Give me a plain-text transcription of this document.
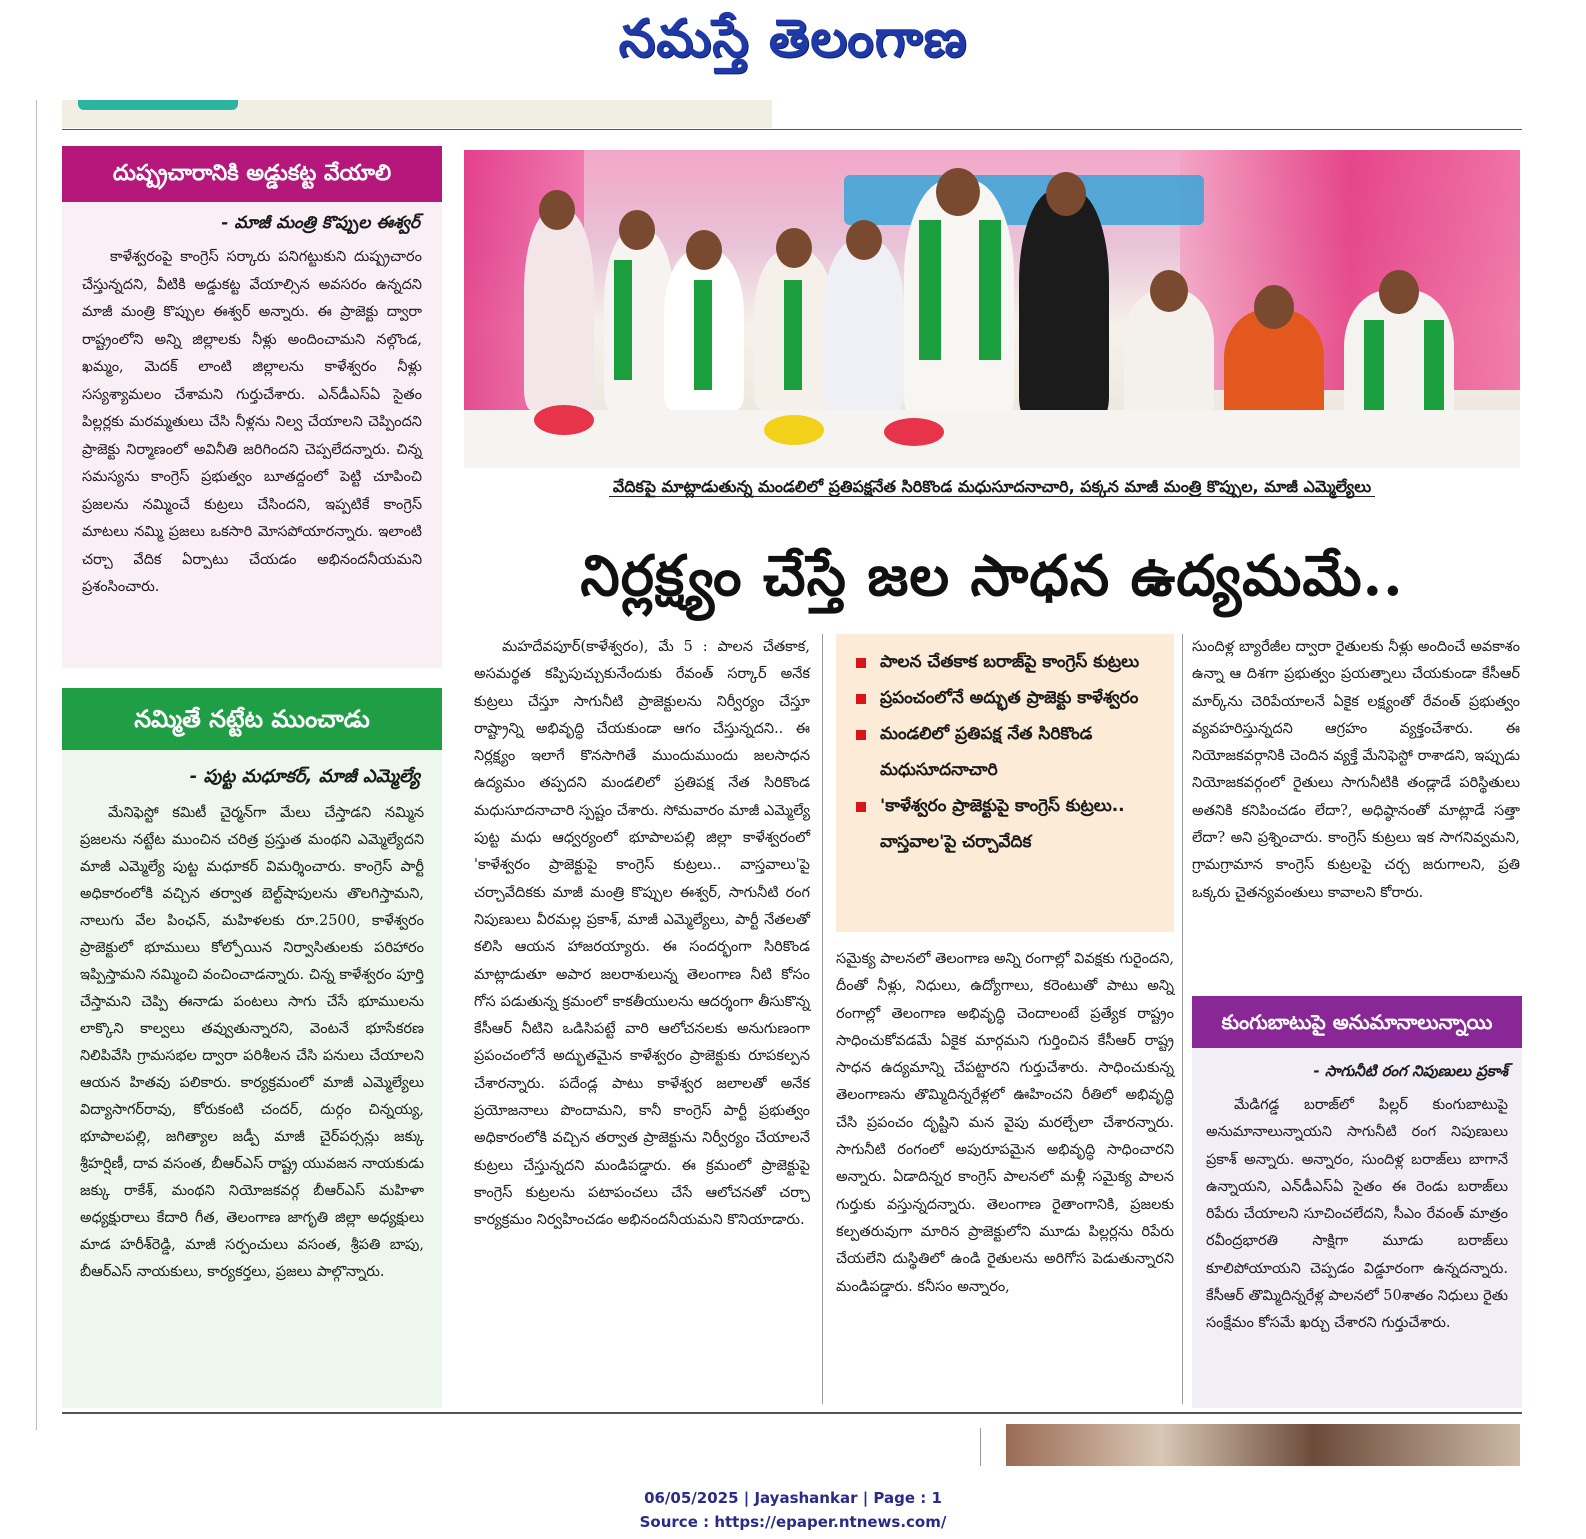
నమస్తే తెలంగాణ
దుష్ప్రచారానికి అడ్డుకట్ట వేయాలి
- మాజీ మంత్రి కొప్పుల ఈశ్వర్

కాళేశ్వరంపై కాంగ్రెస్ సర్కారు పనిగట్టుకుని దుష్ప్రచారం చేస్తున్నదని, వీటికి అడ్డుకట్ట వేయాల్సిన అవసరం ఉన్నదని మాజీ మంత్రి కొప్పుల ఈశ్వర్ అన్నారు. ఈ ప్రాజెక్టు ద్వారా రాష్ట్రంలోని అన్ని జిల్లాలకు నీళ్లు అందించామని నల్గొండ, ఖమ్మం, మెదక్ లాంటి జిల్లాలను కాళేశ్వరం నీళ్లు సస్యశ్యామలం చేశామని గుర్తుచేశారు. ఎన్‌డీఎస్‌ఏ సైతం పిల్లర్లకు మరమ్మతులు చేసి నీళ్లను నిల్వ చేయాలని చెప్పిందని ప్రాజెక్టు నిర్మాణంలో అవినీతి జరిగిందని చెప్పలేదన్నారు. చిన్న సమస్యను కాంగ్రెస్ ప్రభుత్వం బూతద్దంలో పెట్టి చూపించి ప్రజలను నమ్మించే కుట్రలు చేసిందని, ఇప్పటికే కాంగ్రెస్ మాటలు నమ్మి ప్రజలు ఒకసారి మోసపోయారన్నారు. ఇలాంటి చర్చా వేదిక ఏర్పాటు చేయడం అభినందనీయమని ప్రశంసించారు.

నమ్మితే నట్టేట ముంచాడు
- పుట్ట మధూకర్, మాజీ ఎమ్మెల్యే

మేనిఫెస్టో కమిటీ చైర్మన్‌గా మేలు చేస్తాడని నమ్మిన ప్రజలను నట్టేట ముంచిన చరిత్ర ప్రస్తుత మంథని ఎమ్మెల్యేదని మాజీ ఎమ్మెల్యే పుట్ట మధూకర్ విమర్శించారు. కాంగ్రెస్ పార్టీ అధికారంలోకి వచ్చిన తర్వాత బెల్ట్‌షాపులను తొలగిస్తామని, నాలుగు వేల పింఛన్, మహిళలకు రూ.2500, కాళేశ్వరం ప్రాజెక్టులో భూములు కోల్పోయిన నిర్వాసితులకు పరిహారం ఇప్పిస్తామని నమ్మించి వంచించాడన్నారు. చిన్న కాళేశ్వరం పూర్తి చేస్తామని చెప్పి ఈనాడు పంటలు సాగు చేసే భూములను లాక్కొని కాల్వలు తవ్వుతున్నారని, వెంటనే భూసేకరణ నిలిపివేసి గ్రామసభల ద్వారా పరిశీలన చేసి పనులు చేయాలని ఆయన హితవు పలికారు. కార్యక్రమంలో మాజీ ఎమ్మెల్యేలు విద్యాసాగర్‌రావు, కోరుకంటి చందర్, దుర్గం చిన్నయ్య, భూపాలపల్లి, జగిత్యాల జడ్పీ మాజీ చైర్‌పర్సన్లు జక్కు శ్రీహర్షిణీ, దావ వసంత, బీఆర్‌ఎస్ రాష్ట్ర యువజన నాయకుడు జక్కు రాకేశ్, మంథని నియోజకవర్గ బీఆర్‌ఎస్ మహిళా అధ్యక్షురాలు కేదారి గీత, తెలంగాణ జాగృతి జిల్లా అధ్యక్షులు మాడ హరీశ్‌రెడ్డి, మాజీ సర్పంచులు వసంత, శ్రీపతి బాపు, బీఆర్‌ఎస్ నాయకులు, కార్యకర్తలు, ప్రజలు పాల్గొన్నారు.

వేదికపై మాట్లాడుతున్న మండలిలో ప్రతిపక్షనేత సిరికొండ మధుసూదనాచారి, పక్కన మాజీ మంత్రి కొప్పుల, మాజీ ఎమ్మెల్యేలు
నిర్లక్ష్యం చేస్తే జల సాధన ఉద్యమమే..

మహదేవపూర్(కాళేశ్వరం), మే 5 : పాలన చేతకాక, అసమర్థత కప్పిపుచ్చుకునేందుకు రేవంత్ సర్కార్ అనేక కుట్రలు చేస్తూ సాగునీటి ప్రాజెక్టులను నిర్వీర్యం చేస్తూ రాష్ట్రాన్ని అభివృద్ధి చేయకుండా ఆగం చేస్తున్నదని.. ఈ నిర్లక్ష్యం ఇలాగే కొనసాగితే ముందుముందు జలసాధన ఉద్యమం తప్పదని మండలిలో ప్రతిపక్ష నేత సిరికొండ మధుసూదనాచారి స్పష్టం చేశారు. సోమవారం మాజీ ఎమ్మెల్యే పుట్ట మధు ఆధ్వర్యంలో భూపాలపల్లి జిల్లా కాళేశ్వరంలో 'కాళేశ్వరం ప్రాజెక్టుపై కాంగ్రెస్ కుట్రలు.. వాస్తవాలు'పై చర్చావేదికకు మాజీ మంత్రి కొప్పుల ఈశ్వర్, సాగునీటి రంగ నిపుణులు వీరమల్ల ప్రకాశ్, మాజీ ఎమ్మెల్యేలు, పార్టీ నేతలతో కలిసి ఆయన హాజరయ్యారు. ఈ సందర్భంగా సిరికొండ మాట్లాడుతూ అపార జలరాశులున్న తెలంగాణ నీటి కోసం గోస పడుతున్న క్రమంలో కాకతీయులను ఆదర్శంగా తీసుకొన్న కేసీఆర్ నీటిని ఒడిసిపట్టే వారి ఆలోచనలకు అనుగుణంగా ప్రపంచంలోనే అద్భుతమైన కాళేశ్వరం ప్రాజెక్టుకు రూపకల్పన చేశారన్నారు. పదేండ్ల పాటు కాళేశ్వర జలాలతో అనేక ప్రయోజనాలు పొందామని, కానీ కాంగ్రెస్ పార్టీ ప్రభుత్వం అధికారంలోకి వచ్చిన తర్వాత ప్రాజెక్టును నిర్వీర్యం చేయాలనే కుట్రలు చేస్తున్నదని మండిపడ్డారు. ఈ క్రమంలో ప్రాజెక్టుపై కాంగ్రెస్ కుట్రలను పటాపంచలు చేసే ఆలోచనతో చర్చా కార్యక్రమం నిర్వహించడం అభినందనీయమని కొనియాడారు.

పాలన చేతకాక బరాజ్‌పై కాంగ్రెస్ కుట్రలు
ప్రపంచంలోనే అద్భుత ప్రాజెక్టు కాళేశ్వరం
మండలిలో ప్రతిపక్ష నేత సిరికొండ మధుసూదనాచారి
'కాళేశ్వరం ప్రాజెక్టుపై కాంగ్రెస్ కుట్రలు.. వాస్తవాల'పై చర్చావేదిక

సమైక్య పాలనలో తెలంగాణ అన్ని రంగాల్లో వివక్షకు గురైందని, దీంతో నీళ్లు, నిధులు, ఉద్యోగాలు, కరెంటుతో పాటు అన్ని రంగాల్లో తెలంగాణ అభివృద్ధి చెందాలంటే ప్రత్యేక రాష్ట్రం సాధించుకోవడమే ఏకైక మార్గమని గుర్తించిన కేసీఆర్ రాష్ట్ర సాధన ఉద్యమాన్ని చేపట్టారని గుర్తుచేశారు. సాధించుకున్న తెలంగాణను తొమ్మిదిన్నరేళ్లలో ఊహించని రీతిలో అభివృద్ధి చేసి ప్రపంచం దృష్టిని మన వైపు మరల్చేలా చేశారన్నారు. సాగునీటి రంగంలో అపురూపమైన అభివృద్ధి సాధించారని అన్నారు. ఏడాదిన్నర కాంగ్రెస్ పాలనలో మళ్లీ సమైక్య పాలన గుర్తుకు వస్తున్నదన్నారు. తెలంగాణ రైతాంగానికి, ప్రజలకు కల్పతరువుగా మారిన ప్రాజెక్టులోని మూడు పిల్లర్లను రిపేరు చేయలేని దుస్థితిలో ఉండి రైతులను అరిగోస పెడుతున్నారని మండిపడ్డారు. కనీసం అన్నారం,

సుందిళ్ల బ్యారేజీల ద్వారా రైతులకు నీళ్లు అందించే అవకాశం ఉన్నా ఆ దిశగా ప్రభుత్వం ప్రయత్నాలు చేయకుండా కేసీఆర్ మార్క్‌ను చెరిపేయాలనే ఏకైక లక్ష్యంతో రేవంత్ ప్రభుత్వం వ్యవహరిస్తున్నదని ఆగ్రహం వ్యక్తంచేశారు. ఈ నియోజకవర్గానికి చెందిన వ్యక్తే మేనిఫెస్టో రాశాడని, ఇప్పుడు నియోజకవర్గంలో రైతులు సాగునీటికి తండ్లాడే పరిస్థితులు అతనికి కనిపించడం లేదా?, అధిష్ఠానంతో మాట్లాడే సత్తా లేదా? అని ప్రశ్నించారు. కాంగ్రెస్ కుట్రలు ఇక సాగనివ్వమని, గ్రామగ్రామాన కాంగ్రెస్ కుట్రలపై చర్చ జరుగాలని, ప్రతి ఒక్కరు చైతన్యవంతులు కావాలని కోరారు.

కుంగుబాటుపై అనుమానాలున్నాయి
- సాగునీటి రంగ నిపుణులు ప్రకాశ్

మేడిగడ్డ బరాజ్‌లో పిల్లర్ కుంగుబాటుపై అనుమానాలున్నాయని సాగునీటి రంగ నిపుణులు ప్రకాశ్ అన్నారు. అన్నారం, సుందిళ్ల బరాజ్‌లు బాగానే ఉన్నాయని, ఎన్‌డీఎస్‌ఏ సైతం ఈ రెండు బరాజ్‌లు రిపేరు చేయాలని సూచించలేదని, సీఎం రేవంత్ మాత్రం రవీంద్రభారతి సాక్షిగా మూడు బరాజ్‌లు కూలిపోయాయని చెప్పడం విడ్డూరంగా ఉన్నదన్నారు. కేసీఆర్ తొమ్మిదిన్నరేళ్ల పాలనలో 50శాతం నిధులు రైతు సంక్షేమం కోసమే ఖర్చు చేశారని గుర్తుచేశారు.

06/05/2025 | Jayashankar | Page : 1
Source : https://epaper.ntnews.com/
